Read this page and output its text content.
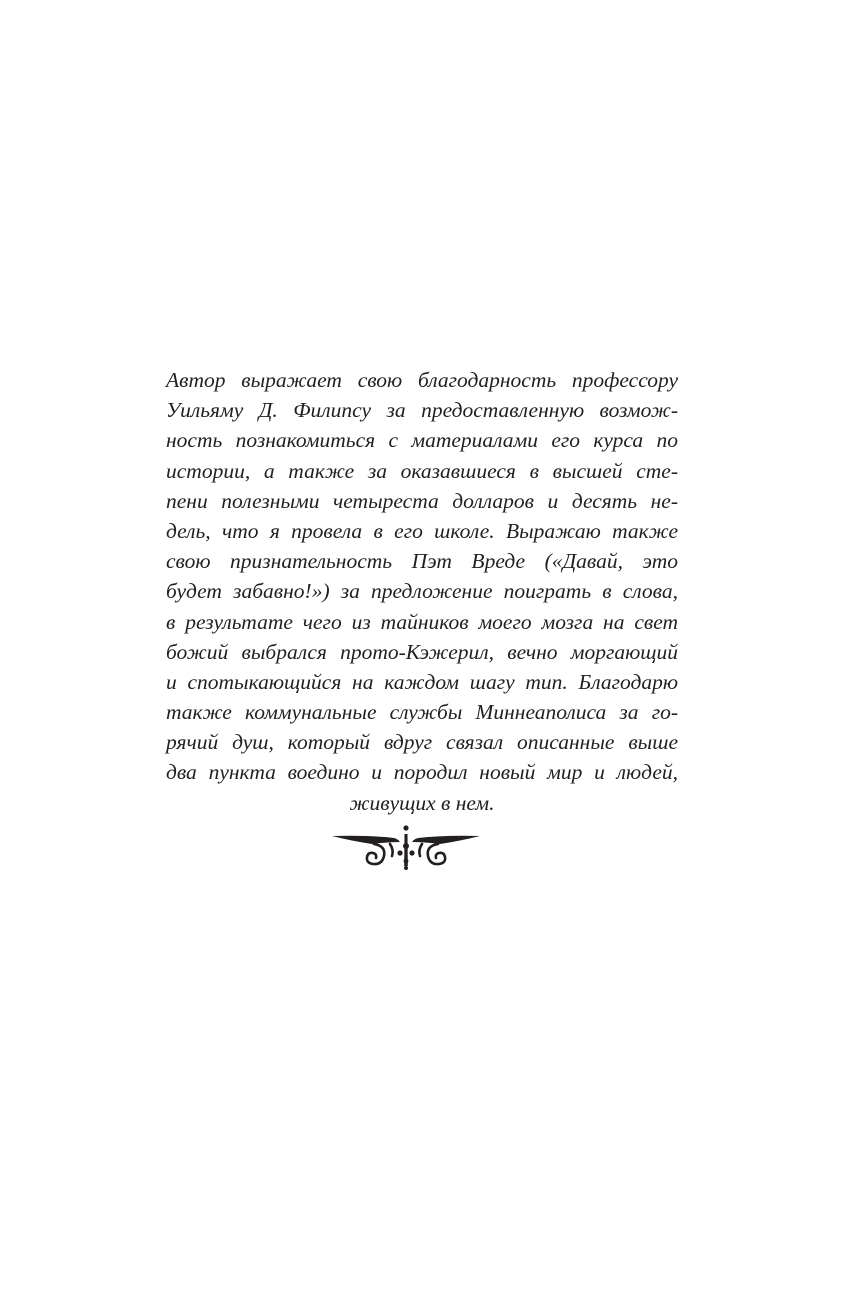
Автор выражает свою благодарность профессору
Уильяму Д. Филипсу за предоставленную возмож-
ность познакомиться с материалами его курса по
истории, а также за оказавшиеся в высшей сте-
пени полезными четыреста долларов и десять не-
дель, что я провела в его школе. Выражаю также
свою признательность Пэт Вреде («Давай, это
будет забавно!») за предложение поиграть в слова,
в результате чего из тайников моего мозга на свет
божий выбрался прото-Кэжерил, вечно моргающий
и спотыкающийся на каждом шагу тип. Благодарю
также коммунальные службы Миннеаполиса за го-
рячий душ, который вдруг связал описанные выше
два пункта воедино и породил новый мир и людей,
живущих в нем.
